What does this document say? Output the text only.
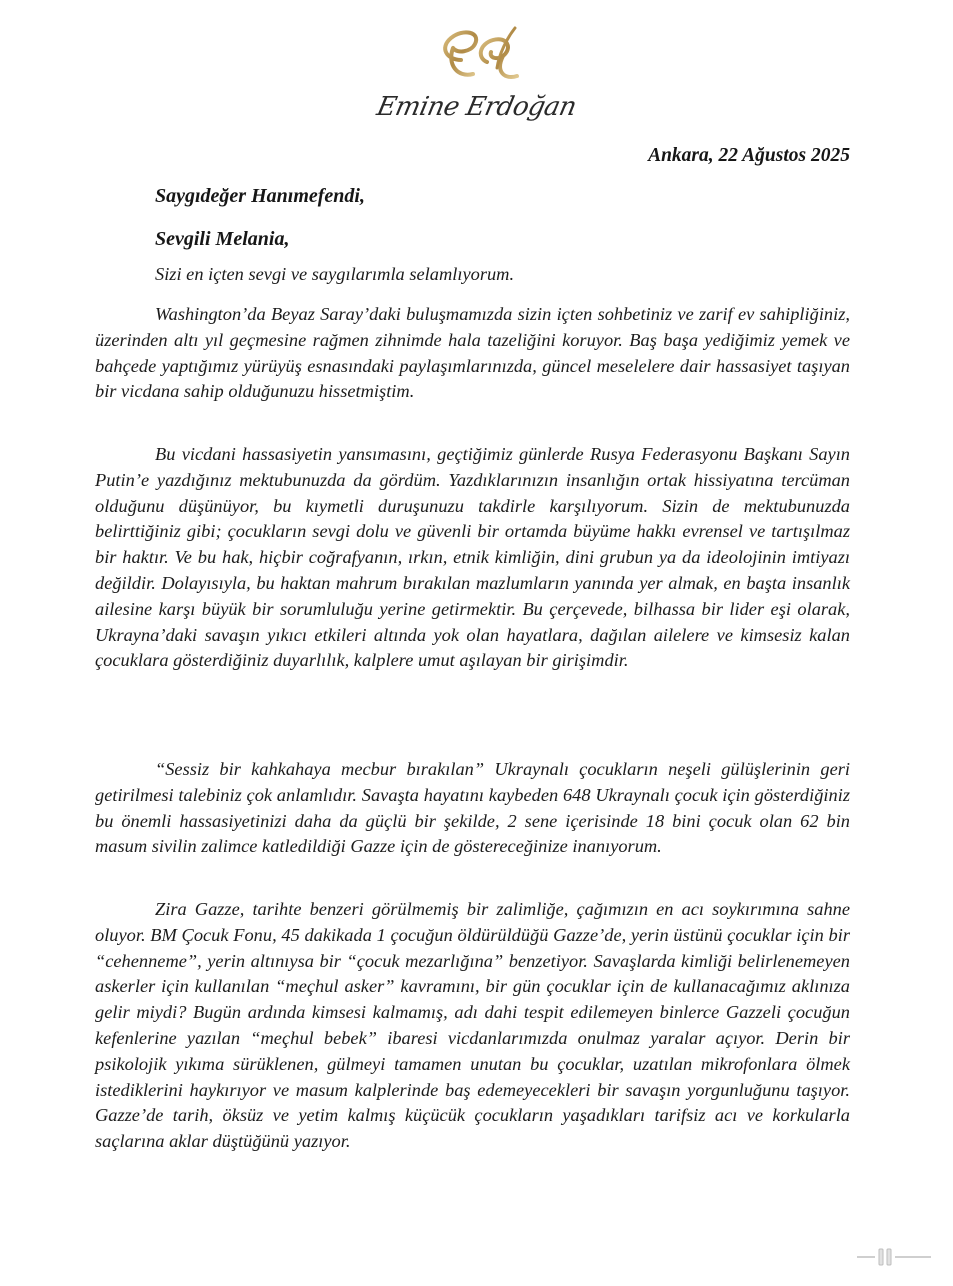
Emine Erdoğan
Ankara, 22 Ağustos 2025
Saygıdeğer Hanımefendi,
Sevgili Melania,
Sizi en içten sevgi ve saygılarımla selamlıyorum.
Washington’da Beyaz Saray’daki buluşmamızda sizin içten sohbetiniz ve zarif ev sahipliğiniz, üzerinden altı yıl geçmesine rağmen zihnimde hala tazeliğini koruyor. Baş başa yediğimiz yemek ve bahçede yaptığımız yürüyüş esnasındaki paylaşımlarınızda, güncel meselelere dair hassasiyet taşıyan bir vicdana sahip olduğunuzu hissetmiştim.
Bu vicdani hassasiyetin yansımasını, geçtiğimiz günlerde Rusya Federasyonu Başkanı Sayın Putin’e yazdığınız mektubunuzda da gördüm. Yazdıklarınızın insanlığın ortak hissiyatına tercüman olduğunu düşünüyor, bu kıymetli duruşunuzu takdirle karşılıyorum. Sizin de mektubunuzda belirttiğiniz gibi; çocukların sevgi dolu ve güvenli bir ortamda büyüme hakkı evrensel ve tartışılmaz bir haktır. Ve bu hak, hiçbir coğrafyanın, ırkın, etnik kimliğin, dini grubun ya da ideolojinin imtiyazı değildir. Dolayısıyla, bu haktan mahrum bırakılan mazlumların yanında yer almak, en başta insanlık ailesine karşı büyük bir sorumluluğu yerine getirmektir. Bu çerçevede, bilhassa bir lider eşi olarak, Ukrayna’daki savaşın yıkıcı etkileri altında yok olan hayatlara, dağılan ailelere ve kimsesiz kalan çocuklara gösterdiğiniz duyarlılık, kalplere umut aşılayan bir girişimdir.
“Sessiz bir kahkahaya mecbur bırakılan” Ukraynalı çocukların neşeli gülüşlerinin geri getirilmesi talebiniz çok anlamlıdır. Savaşta hayatını kaybeden 648 Ukraynalı çocuk için gösterdiğiniz bu önemli hassasiyetinizi daha da güçlü bir şekilde, 2 sene içerisinde 18 bini çocuk olan 62 bin masum sivilin zalimce katledildiği Gazze için de göstereceğinize inanıyorum.
Zira Gazze, tarihte benzeri görülmemiş bir zalimliğe, çağımızın en acı soykırımına sahne oluyor. BM Çocuk Fonu, 45 dakikada 1 çocuğun öldürüldüğü Gazze’de, yerin üstünü çocuklar için bir “cehenneme”, yerin altınıysa bir “çocuk mezarlığına” benzetiyor. Savaşlarda kimliği belirlenemeyen askerler için kullanılan “meçhul asker” kavramını, bir gün çocuklar için de kullanacağımız aklınıza gelir miydi? Bugün ardında kimsesi kalmamış, adı dahi tespit edilemeyen binlerce Gazzeli çocuğun kefenlerine yazılan “meçhul bebek” ibaresi vicdanlarımızda onulmaz yaralar açıyor. Derin bir psikolojik yıkıma sürüklenen, gülmeyi tamamen unutan bu çocuklar, uzatılan mikrofonlara ölmek istediklerini haykırıyor ve masum kalplerinde baş edemeyecekleri bir savaşın yorgunluğunu taşıyor. Gazze’de tarih, öksüz ve yetim kalmış küçücük çocukların yaşadıkları tarifsiz acı ve korkularla saçlarına aklar düştüğünü yazıyor.
